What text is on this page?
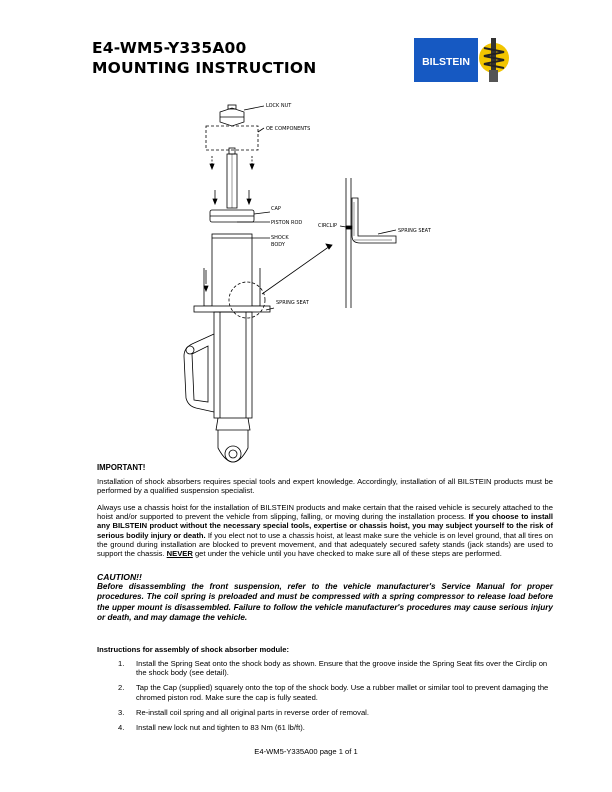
E4-WM5-Y335A00
MOUNTING INSTRUCTION	BILSTEIN
LOCK NUT
OE COMPONENTS
CAP
PISTON ROD
SHOCK
BODY
SPRING SEAT
CIRCLIP
SPRING SEAT
IMPORTANT!

Installation of shock absorbers requires special tools and expert knowledge. Accordingly, installation of all BILSTEIN products must be performed by a qualified suspension specialist.

Always use a chassis hoist for the installation of BILSTEIN products and make certain that the raised vehicle is securely attached to the hoist and/or supported to prevent the vehicle from slipping, falling, or moving during the installation process. If you choose to install any BILSTEIN product without the necessary special tools, expertise or chassis hoist, you may subject yourself to the risk of serious bodily injury or death. If you elect not to use a chassis hoist, at least make sure the vehicle is on level ground, that all tires on the ground during installation are blocked to prevent movement, and that adequately secured safety stands (jack stands) are used to support the chassis. NEVER get under the vehicle until you have checked to make sure all of these steps are performed.

CAUTION!!
Before disassembling the front suspension, refer to the vehicle manufacturer's Service Manual for proper procedures. The coil spring is preloaded and must be compressed with a spring compressor to release load before the upper mount is disassembled. Failure to follow the vehicle manufacturer's procedures may cause serious injury or death, and may damage the vehicle.
Instructions for assembly of shock absorber module:
1. Install the Spring Seat onto the shock body as shown. Ensure that the groove inside the Spring Seat fits over the Circlip on the shock body (see detail).
2. Tap the Cap (supplied) squarely onto the top of the shock body. Use a rubber mallet or similar tool to prevent damaging the chromed piston rod. Make sure the cap is fully seated.
3. Re-install coil spring and all original parts in reverse order of removal.
4. Install new lock nut and tighten to 83 Nm (61 lb/ft).
E4-WM5-Y335A00 page 1 of 1
